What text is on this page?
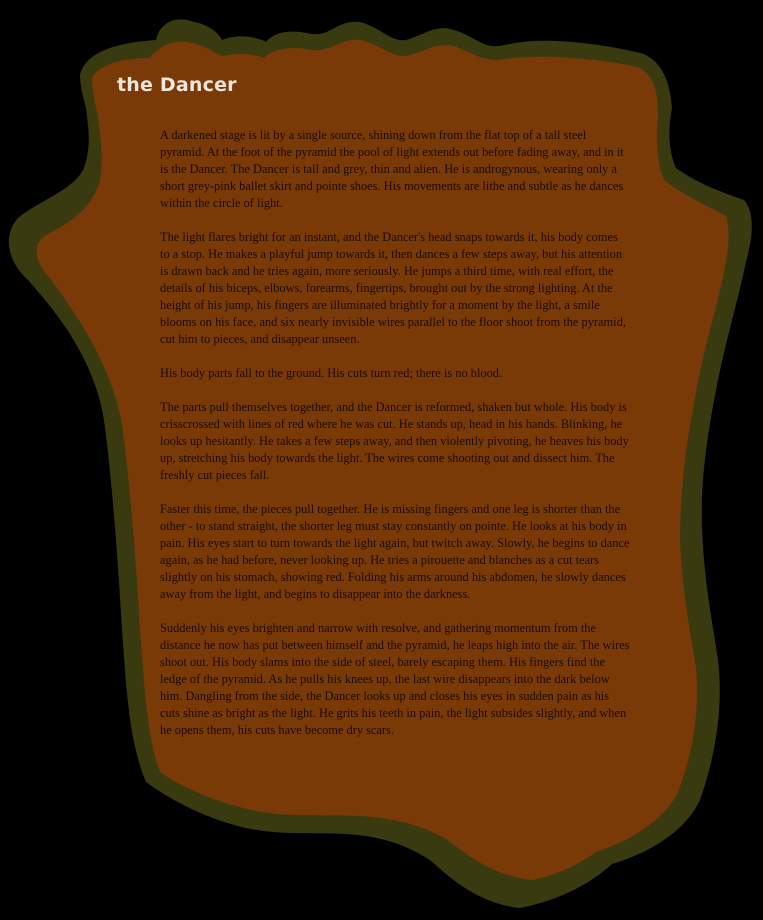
the Dancer

A darkened stage is lit by a single source, shining down from the flat top of a tall steel pyramid. At the foot of the pyramid the pool of light extends out before fading away, and in it is the Dancer. The Dancer is tall and grey, thin and alien. He is androgynous, wearing only a short grey-pink ballet skirt and pointe shoes. His movements are lithe and subtle as he dances within the circle of light.

The light flares bright for an instant, and the Dancer's head snaps towards it, his body comes to a stop. He makes a playful jump towards it, then dances a few steps away, but his attention is drawn back and he tries again, more seriously. He jumps a third time, with real effort, the details of his biceps, elbows, forearms, fingertips, brought out by the strong lighting. At the height of his jump, his fingers are illuminated brightly for a moment by the light, a smile blooms on his face, and six nearly invisible wires parallel to the floor shoot from the pyramid, cut him to pieces, and disappear unseen.

His body parts fall to the ground. His cuts turn red; there is no blood.

The parts pull themselves together, and the Dancer is reformed, shaken but whole. His body is crisscrossed with lines of red where he was cut. He stands up, head in his hands. Blinking, he looks up hesitantly. He takes a few steps away, and then violently pivoting, he heaves his body up, stretching his body towards the light. The wires come shooting out and dissect him. The freshly cut pieces fall.

Faster this time, the pieces pull together. He is missing fingers and one leg is shorter than the other - to stand straight, the shorter leg must stay constantly on pointe. He looks at his body in pain. His eyes start to turn towards the light again, but twitch away. Slowly, he begins to dance again, as he had before, never looking up. He tries a pirouette and blanches as a cut tears slightly on his stomach, showing red. Folding his arms around his abdomen, he slowly dances away from the light, and begins to disappear into the darkness.

Suddenly his eyes brighten and narrow with resolve, and gathering momentum from the distance he now has put between himself and the pyramid, he leaps high into the air. The wires shoot out. His body slams into the side of steel, barely escaping them. His fingers find the ledge of the pyramid. As he pulls his knees up, the last wire disappears into the dark below him. Dangling from the side, the Dancer looks up and closes his eyes in sudden pain as his cuts shine as bright as the light. He grits his teeth in pain, the light subsides slightly, and when he opens them, his cuts have become dry scars.
